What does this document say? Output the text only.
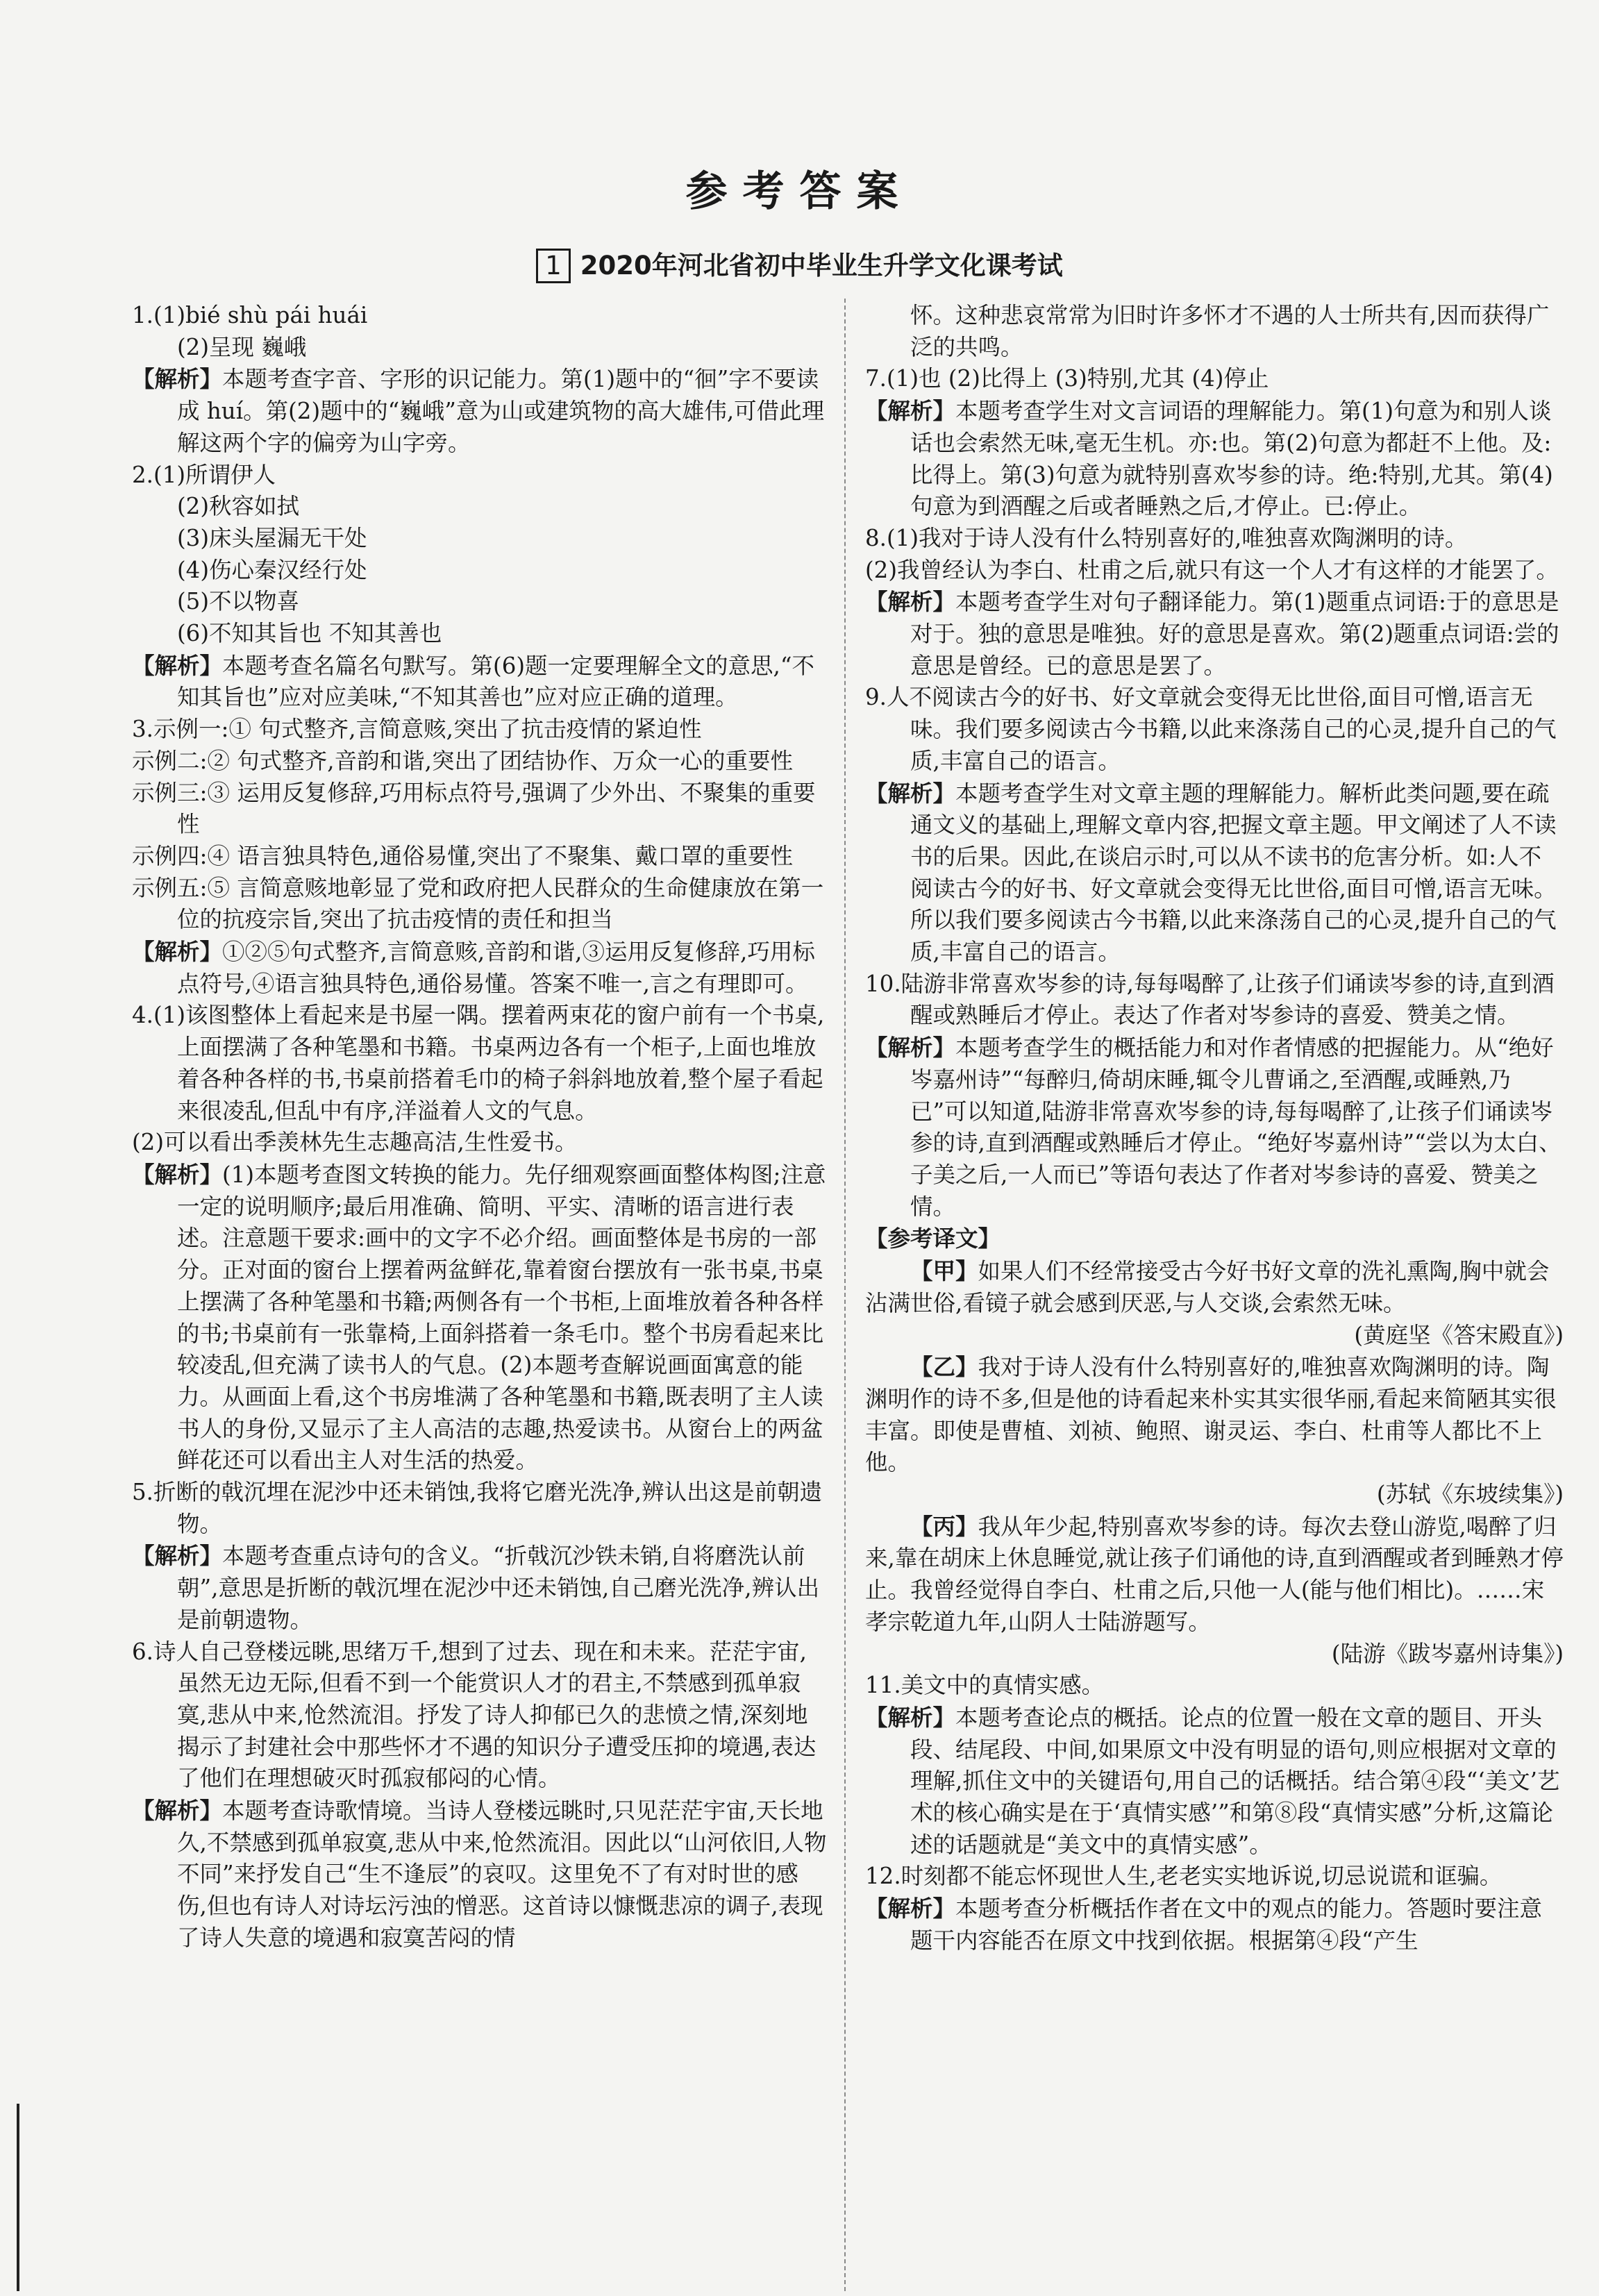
参考答案
1 2020年河北省初中毕业生升学文化课考试

1.(1)bié shù pái huái

(2)呈现 巍峨

【解析】本题考查字音、字形的识记能力。第(1)题中的“徊”字不要读成 huí。第(2)题中的“巍峨”意为山或建筑物的高大雄伟,可借此理解这两个字的偏旁为山字旁。

2.(1)所谓伊人

(2)秋容如拭

(3)床头屋漏无干处

(4)伤心秦汉经行处

(5)不以物喜

(6)不知其旨也 不知其善也

【解析】本题考查名篇名句默写。第(6)题一定要理解全文的意思,“不知其旨也”应对应美味,“不知其善也”应对应正确的道理。

3.示例一:① 句式整齐,言简意赅,突出了抗击疫情的紧迫性

示例二:② 句式整齐,音韵和谐,突出了团结协作、万众一心的重要性

示例三:③ 运用反复修辞,巧用标点符号,强调了少外出、不聚集的重要性

示例四:④ 语言独具特色,通俗易懂,突出了不聚集、戴口罩的重要性

示例五:⑤ 言简意赅地彰显了党和政府把人民群众的生命健康放在第一位的抗疫宗旨,突出了抗击疫情的责任和担当

【解析】①②⑤句式整齐,言简意赅,音韵和谐,③运用反复修辞,巧用标点符号,④语言独具特色,通俗易懂。答案不唯一,言之有理即可。

4.(1)该图整体上看起来是书屋一隅。摆着两束花的窗户前有一个书桌,上面摆满了各种笔墨和书籍。书桌两边各有一个柜子,上面也堆放着各种各样的书,书桌前搭着毛巾的椅子斜斜地放着,整个屋子看起来很凌乱,但乱中有序,洋溢着人文的气息。

(2)可以看出季羡林先生志趣高洁,生性爱书。

【解析】(1)本题考查图文转换的能力。先仔细观察画面整体构图;注意一定的说明顺序;最后用准确、简明、平实、清晰的语言进行表述。注意题干要求:画中的文字不必介绍。画面整体是书房的一部分。正对面的窗台上摆着两盆鲜花,靠着窗台摆放有一张书桌,书桌上摆满了各种笔墨和书籍;两侧各有一个书柜,上面堆放着各种各样的书;书桌前有一张靠椅,上面斜搭着一条毛巾。整个书房看起来比较凌乱,但充满了读书人的气息。(2)本题考查解说画面寓意的能力。从画面上看,这个书房堆满了各种笔墨和书籍,既表明了主人读书人的身份,又显示了主人高洁的志趣,热爱读书。从窗台上的两盆鲜花还可以看出主人对生活的热爱。

5.折断的戟沉埋在泥沙中还未销蚀,我将它磨光洗净,辨认出这是前朝遗物。

【解析】本题考查重点诗句的含义。“折戟沉沙铁未销,自将磨洗认前朝”,意思是折断的戟沉埋在泥沙中还未销蚀,自己磨光洗净,辨认出是前朝遗物。

6.诗人自己登楼远眺,思绪万千,想到了过去、现在和未来。茫茫宇宙,虽然无边无际,但看不到一个能赏识人才的君主,不禁感到孤单寂寞,悲从中来,怆然流泪。抒发了诗人抑郁已久的悲愤之情,深刻地揭示了封建社会中那些怀才不遇的知识分子遭受压抑的境遇,表达了他们在理想破灭时孤寂郁闷的心情。

【解析】本题考查诗歌情境。当诗人登楼远眺时,只见茫茫宇宙,天长地久,不禁感到孤单寂寞,悲从中来,怆然流泪。因此以“山河依旧,人物不同”来抒发自己“生不逢辰”的哀叹。这里免不了有对时世的感伤,但也有诗人对诗坛污浊的憎恶。这首诗以慷慨悲凉的调子,表现了诗人失意的境遇和寂寞苦闷的情

怀。这种悲哀常常为旧时许多怀才不遇的人士所共有,因而获得广泛的共鸣。

7.(1)也 (2)比得上 (3)特别,尤其 (4)停止

【解析】本题考查学生对文言词语的理解能力。第(1)句意为和别人谈话也会索然无味,毫无生机。亦:也。第(2)句意为都赶不上他。及:比得上。第(3)句意为就特别喜欢岑参的诗。绝:特别,尤其。第(4)句意为到酒醒之后或者睡熟之后,才停止。已:停止。

8.(1)我对于诗人没有什么特别喜好的,唯独喜欢陶渊明的诗。

(2)我曾经认为李白、杜甫之后,就只有这一个人才有这样的才能罢了。

【解析】本题考查学生对句子翻译能力。第(1)题重点词语:于的意思是对于。独的意思是唯独。好的意思是喜欢。第(2)题重点词语:尝的意思是曾经。已的意思是罢了。

9.人不阅读古今的好书、好文章就会变得无比世俗,面目可憎,语言无味。我们要多阅读古今书籍,以此来涤荡自己的心灵,提升自己的气质,丰富自己的语言。

【解析】本题考查学生对文章主题的理解能力。解析此类问题,要在疏通文义的基础上,理解文章内容,把握文章主题。甲文阐述了人不读书的后果。因此,在谈启示时,可以从不读书的危害分析。如:人不阅读古今的好书、好文章就会变得无比世俗,面目可憎,语言无味。所以我们要多阅读古今书籍,以此来涤荡自己的心灵,提升自己的气质,丰富自己的语言。

10.陆游非常喜欢岑参的诗,每每喝醉了,让孩子们诵读岑参的诗,直到酒醒或熟睡后才停止。表达了作者对岑参诗的喜爱、赞美之情。

【解析】本题考查学生的概括能力和对作者情感的把握能力。从“绝好岑嘉州诗”“每醉归,倚胡床睡,辄令儿曹诵之,至酒醒,或睡熟,乃已”可以知道,陆游非常喜欢岑参的诗,每每喝醉了,让孩子们诵读岑参的诗,直到酒醒或熟睡后才停止。“绝好岑嘉州诗”“尝以为太白、子美之后,一人而已”等语句表达了作者对岑参诗的喜爱、赞美之情。

【参考译文】

【甲】如果人们不经常接受古今好书好文章的洗礼熏陶,胸中就会沾满世俗,看镜子就会感到厌恶,与人交谈,会索然无味。

(黄庭坚《答宋殿直》)

【乙】我对于诗人没有什么特别喜好的,唯独喜欢陶渊明的诗。陶渊明作的诗不多,但是他的诗看起来朴实其实很华丽,看起来简陋其实很丰富。即使是曹植、刘祯、鲍照、谢灵运、李白、杜甫等人都比不上他。

(苏轼《东坡续集》)

【丙】我从年少起,特别喜欢岑参的诗。每次去登山游览,喝醉了归来,靠在胡床上休息睡觉,就让孩子们诵他的诗,直到酒醒或者到睡熟才停止。我曾经觉得自李白、杜甫之后,只他一人(能与他们相比)。……宋孝宗乾道九年,山阴人士陆游题写。

(陆游《跋岑嘉州诗集》)

11.美文中的真情实感。

【解析】本题考查论点的概括。论点的位置一般在文章的题目、开头段、结尾段、中间,如果原文中没有明显的语句,则应根据对文章的理解,抓住文中的关键语句,用自己的话概括。结合第④段“‘美文’艺术的核心确实是在于‘真情实感’”和第⑧段“真情实感”分析,这篇论述的话题就是“美文中的真情实感”。

12.时刻都不能忘怀现世人生,老老实实地诉说,切忌说谎和诓骗。

【解析】本题考查分析概括作者在文中的观点的能力。答题时要注意题干内容能否在原文中找到依据。根据第④段“产生
